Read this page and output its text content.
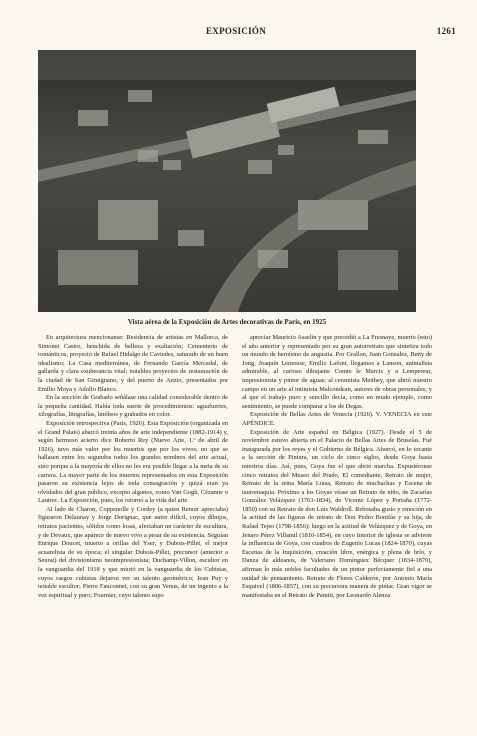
EXPOSICIÓN	1261
Vista aérea de la Exposición de Artes decorativas de París, en 1925

En arquitectura mencionanse: Residencia de artistas en Mallorca, de Simonet Castro, henchida de belleza y exaltación; Cementerio de románticos, proyecto de Rafael Hidalgo de Caviedes, saturado de un buen idealismo; La Casa mediterránea, de Fernando García Mercadal, de gallarda y clara exuberancia vital; notables proyectos de restauración de la ciudad de San Gimignano, y del puerto de Anzio, presentados por Emilio Moya y Adolfo Blanco.

En la sección de Grabado señálase una calidad considerable dentro de la pequeña cantidad. Había toda suerte de procedimientos: aguafuertes, xilografías, litografías, linóleos y grabados en color.

Exposición retrospectiva (París, 1926). Esta Exposición (organizada en el Grand Palais) abarcó treinta años de arte independiente (1882-1914) y, según hermoso acierto dice Roberto Rey (Nuevo Arte, 1.º de abril de 1926), tuvo más valor por los muertos que por los vivos; no que se hallasen entre los segundos todos los grandes nombres del arte actual, sino porque a la mayoría de ellos no les era posible llegar a la meta de su carrera. La mayor parte de los muertos representados en esta Exposición pasaron su existencia lejos de toda consagración y quizá eran ya olvidados del gran público, excepto algunos, como Van Gogh, Cézanne o Lautrec. La Exposición, pues, los retornó a la vida del arte.

Al lado de Charon, Coppenolle y Cordey (a quien Renoir apreciaba) figuraron Delaunay y Jorge Dorignac, que autor difícil, cuyos dibujos, retratos pacientes, sólidos como losas, afectaban un carácter de escultura, y de Devaux, que aparece de nuevo vivo a pesar de su existencia. Seguían Enrique Doucet, muerto a orillas del Yser, y Dubois-Pillet, el mejor acuarelista de su época; el singular Dubois-Pillet, precursor (anterior a Seurat) del divisionismo neoimpresionista; Duchamp-Villon, escultor en la vanguardia del 1918 y que murió en la vanguardia de los Cubistas, cuyos rasgos cubistas dejaron ver su talento geométrico; Jean Puy y notable escultor; Pierre Fauconnet, con su gran Venus, de un ingenio a la vez espiritual y puro; Fournier, cuyo talento supo

apreciar Mauricio Asselin y que precedió a La Fresnaye, muerto (esto) el año anterior y representado por su gran autorretrato que sintetiza todo un mundo de heroísmo de angustia. Por Grallon, Juan Gonzalez, Betty de Jong, Joaquín Lemouse, Emilio Lafont, llegamos a Lanson, animalista admirable, al curioso dibujante Comte le Marcis y a Lempereur, impresionista y pintor de aguas; al ceramista Metthey, que abrió nuestro campo en un arte al intimista Malcondean, autores de obras personales; y al que el trabajo puro y sencillo decía, como un mudo ejemplo, como sentimiento, se puede comparar a los de Degas.

Exposición de Bellas Artes de Venecia (1926). V. VENECIA en este APÉNDICE.

Exposición de Arte español en Bélgica (1927). Desde el 5 de noviembre estuvo abierta en el Palacio de Bellas Artes de Bruselas. Fué inaugurada por los reyes y el Gobierno de Bélgica. Ahorcó, en lo tocante a la sección de Pintura, un ciclo de cinco siglos, desde Goya hasta nuestros días. Así, pues, Goya fue el que abrió marcha. Expusiéronse cinco retratos del Museo del Prado, El comediante, Retrato de mujer, Retrato de la reina María Luisa, Retrato de muchachas y Escena de tauromaquia. Próximo a los Goyas véase un Retrato de niño, de Zacarías González Velázquez (1763-1834), de Vicente López y Portaña (1772-1850) con su Retrato de don Luis Waldroll. Rebosaba gusto y emoción en la actitud de las figuras de retrato de Don Pedro Bonifás y su hija, de Rafael Tejeo (1798-1856); luego en la actitud de Velázquez y de Goya, en Jenaro Pérez Villamil (1810-1854), en cuyo Interior de iglesia se advierte la influencia de Goya, con cuadros de Eugenio Lucas (1824-1870), cuyas Escenas de la Inquisición, creación libre, enérgica y plena de brío, y Danza de aldeanos, de Valeriano Domínguez Bécquer (1834-1870), afirman lo más nobles facultades de un pintor perfectamente fiel a una unidad de pensamiento. Retrato de Flores Calderón, por Antonio María Esquivel (1806-1857), con su precursora manera de pintar. Gran vigor se manifestaba en el Retrato de Pamiti, por Leonardo Alenza
